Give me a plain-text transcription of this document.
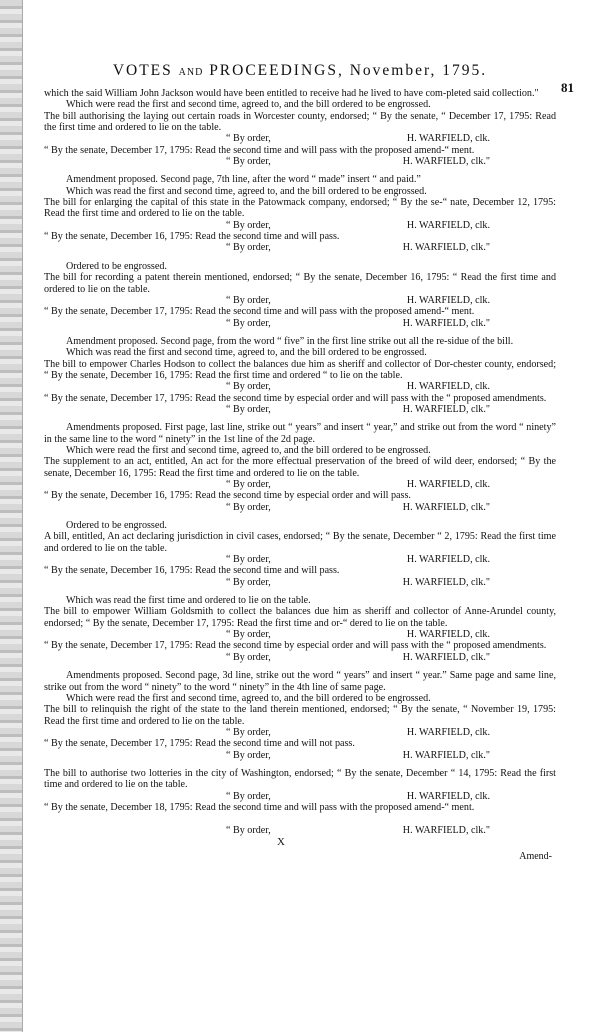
VOTES AND PROCEEDINGS, November, 1795.
81

which the said William John Jackson would have been entitled to receive had he lived to have com-pleted said collection."

Which were read the first and second time, agreed to, and the bill ordered to be engrossed.

The bill authorising the laying out certain roads in Worcester county, endorsed; “ By the senate, “ December 17, 1795: Read the first time and ordered to lie on the table.

“ By order,	H. WARFIELD, clk.

“ By the senate, December 17, 1795: Read the second time and will pass with the proposed amend-“ ment.

“ By order,	H. WARFIELD, clk."

Amendment proposed. Second page, 7th line, after the word “ made” insert “ and paid.”

Which was read the first and second time, agreed to, and the bill ordered to be engrossed.

The bill for enlarging the capital of this state in the Patowmack company, endorsed; “ By the se-“ nate, December 12, 1795: Read the first time and ordered to lie on the table.

“ By order,	H. WARFIELD, clk.

“ By the senate, December 16, 1795: Read the second time and will pass.

“ By order,	H. WARFIELD, clk."

Ordered to be engrossed.

The bill for recording a patent therein mentioned, endorsed; “ By the senate, December 16, 1795: “ Read the first time and ordered to lie on the table.

“ By order,	H. WARFIELD, clk.

“ By the senate, December 17, 1795: Read the second time and will pass with the proposed amend-“ ment.

“ By order,	H. WARFIELD, clk."

Amendment proposed. Second page, from the word “ five” in the first line strike out all the re-sidue of the bill.

Which was read the first and second time, agreed to, and the bill ordered to be engrossed.

The bill to empower Charles Hodson to collect the balances due him as sheriff and collector of Dor-chester county, endorsed; “ By the senate, December 16, 1795: Read the first time and ordered “ to lie on the table.

“ By order,	H. WARFIELD, clk.

“ By the senate, December 17, 1795: Read the second time by especial order and will pass with the “ proposed amendments.

“ By order,	H. WARFIELD, clk."

Amendments proposed. First page, last line, strike out “ years” and insert “ year,” and strike out from the word “ ninety” in the same line to the word “ ninety” in the 1st line of the 2d page.

Which were read the first and second time, agreed to, and the bill ordered to be engrossed.

The supplement to an act, entitled, An act for the more effectual preservation of the breed of wild deer, endorsed; “ By the senate, December 16, 1795: Read the first time and ordered to lie on the table.

“ By order,	H. WARFIELD, clk.

“ By the senate, December 16, 1795: Read the second time by especial order and will pass.

“ By order,	H. WARFIELD, clk."

Ordered to be engrossed.

A bill, entitled, An act declaring jurisdiction in civil cases, endorsed; “ By the senate, December “ 2, 1795: Read the first time and ordered to lie on the table.

“ By order,	H. WARFIELD, clk.

“ By the senate, December 16, 1795: Read the second time and will pass.

“ By order,	H. WARFIELD, clk."

Which was read the first time and ordered to lie on the table.

The bill to empower William Goldsmith to collect the balances due him as sheriff and collector of Anne-Arundel county, endorsed; “ By the senate, December 17, 1795: Read the first time and or-“ dered to lie on the table.

“ By order,	H. WARFIELD, clk.

“ By the senate, December 17, 1795: Read the second time by especial order and will pass with the “ proposed amendments.

“ By order,	H. WARFIELD, clk."

Amendments proposed. Second page, 3d line, strike out the word “ years” and insert “ year.” Same page and same line, strike out from the word “ ninety” to the word “ ninety” in the 4th line of same page.

Which were read the first and second time, agreed to, and the bill ordered to be engrossed.

The bill to relinquish the right of the state to the land therein mentioned, endorsed; “ By the senate, “ November 19, 1795: Read the first time and ordered to lie on the table.

“ By order,	H. WARFIELD, clk.

“ By the senate, December 17, 1795: Read the second time and will not pass.

“ By order,	H. WARFIELD, clk."

The bill to authorise two lotteries in the city of Washington, endorsed; “ By the senate, December “ 14, 1795: Read the first time and ordered to lie on the table.

“ By order,	H. WARFIELD, clk.

“ By the senate, December 18, 1795: Read the second time and will pass with the proposed amend-“ ment.

“ By order,	H. WARFIELD, clk."
X
Amend-
